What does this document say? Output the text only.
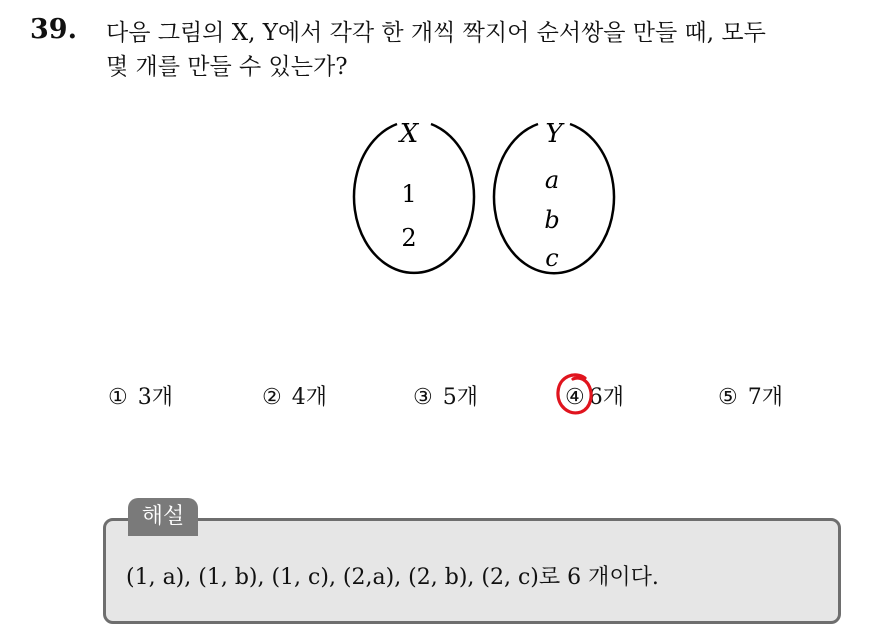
39. 다음 그림의 X, Y에서 각각 한 개씩 짝지어 순서쌍을 만들 때, 모두
몇 개를 만들 수 있는가?
X
1
2
Y
a
b
c
① 3개	② 4개	③ 5개	④ 6개	⑤ 7개
해설
(1, a), (1, b), (1, c), (2,a), (2, b), (2, c)로 6 개이다.
